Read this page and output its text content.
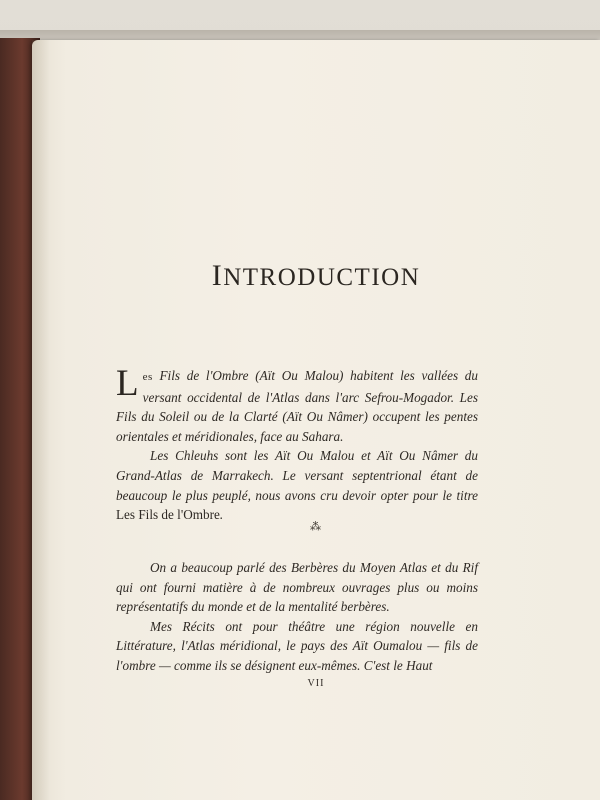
INTRODUCTION

Les Fils de l'Ombre (Aït Ou Malou) habitent les vallées du versant occidental de l'Atlas dans l'arc Sefrou-Mogador. Les Fils du Soleil ou de la Clarté (Aït Ou Nâmer) occupent les pentes orientales et méridionales, face au Sahara.

Les Chleuhs sont les Aït Ou Malou et Aït Ou Nâmer du Grand-Atlas de Marrakech. Le versant septentrional étant de beaucoup le plus peuplé, nous avons cru devoir opter pour le titre Les Fils de l'Ombre.

⁂

On a beaucoup parlé des Berbères du Moyen Atlas et du Rif qui ont fourni matière à de nombreux ouvrages plus ou moins représentatifs du monde et de la mentalité berbères.

Mes Récits ont pour théâtre une région nouvelle en Littérature, l'Atlas méridional, le pays des Aït Oumalou — fils de l'ombre — comme ils se désignent eux-mêmes. C'est le Haut

VII
